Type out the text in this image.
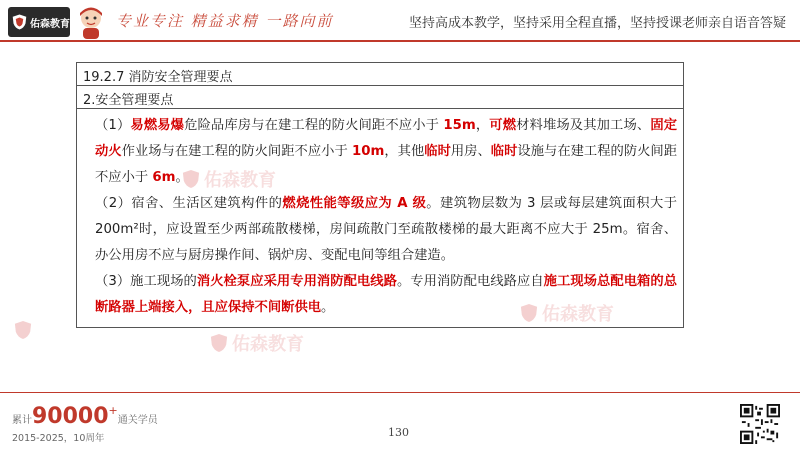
佑森教育	专业专注 精益求精 一路向前	坚持高成本教学，坚持采用全程直播，坚持授课老师亲自语音答疑
佑森教育
佑森教育
佑森教育
19.2.7 消防安全管理要点
2.安全管理要点

（1）易燃易爆危险品库房与在建工程的防火间距不应小于 15m，可燃材料堆场及其加工场、固定动火作业场与在建工程的防火间距不应小于 10m，其他临时用房、临时设施与在建工程的防火间距不应小于 6m。

（2）宿舍、生活区建筑构件的燃烧性能等级应为 A 级。建筑物层数为 3 层或每层建筑面积大于 200m²时，应设置至少两部疏散楼梯，房间疏散门至疏散楼梯的最大距离不应大于 25m。宿舍、办公用房不应与厨房操作间、锅炉房、变配电间等组合建造。

（3）施工现场的消火栓泵应采用专用消防配电线路。专用消防配电线路应自施工现场总配电箱的总断路器上端接入，且应保持不间断供电。

累计90000+通关学员
2015-2025，10周年	130
